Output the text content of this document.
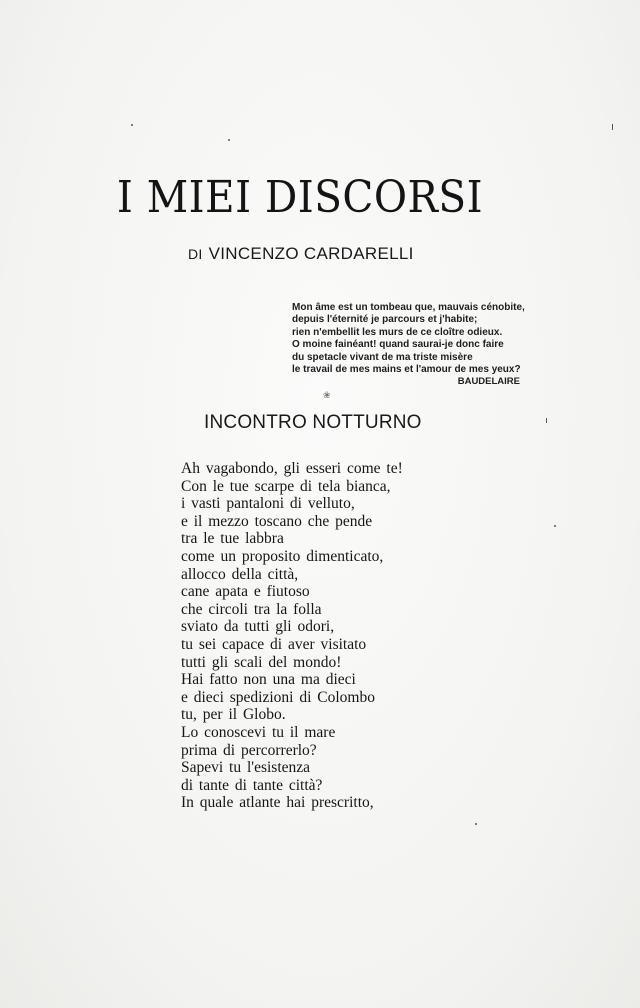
I MIEI DISCORSI
DI VINCENZO CARDARELLI
Mon âme est un tombeau que, mauvais cénobite,
depuis l'éternité je parcours et j'habite;
rien n'embellit les murs de ce cloître odieux.
O moine fainéant! quand saurai-je donc faire
du spetacle vivant de ma triste misère
le travail de mes mains et l'amour de mes yeux?
BAUDELAIRE
❀
INCONTRO NOTTURNO
Ah vagabondo, gli esseri come te!
Con le tue scarpe di tela bianca,
i vasti pantaloni di velluto,
e il mezzo toscano che pende
tra le tue labbra
come un proposito dimenticato,
allocco della città,
cane apata e fiutoso
che circoli tra la folla
sviato da tutti gli odori,
tu sei capace di aver visitato
tutti gli scali del mondo!
Hai fatto non una ma dieci
e dieci spedizioni di Colombo
tu, per il Globo.
Lo conoscevi tu il mare
prima di percorrerlo?
Sapevi tu l'esistenza
di tante di tante città?
In quale atlante hai prescritto,
